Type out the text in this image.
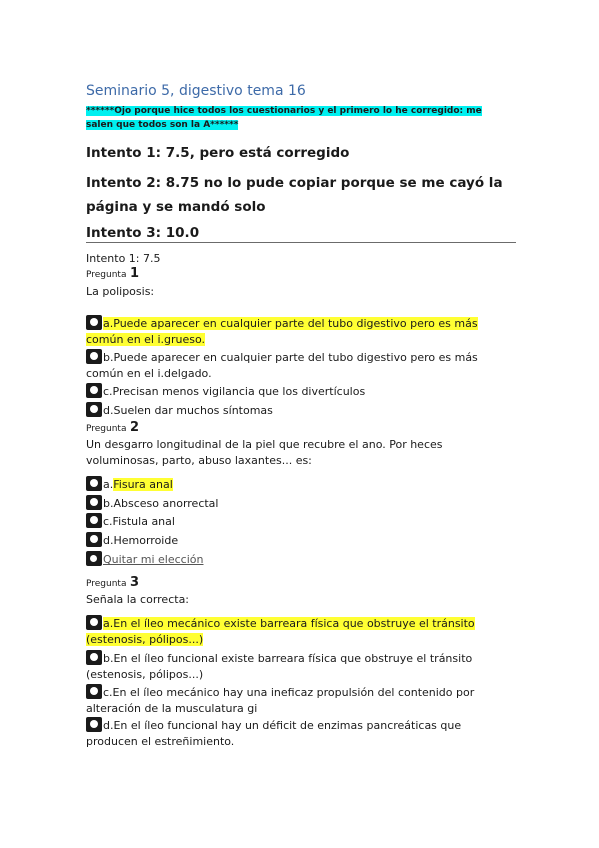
Seminario 5, digestivo tema 16
******Ojo porque hice todos los cuestionarios y el primero lo he corregido: me salen que todos son la A******
Intento 1: 7.5, pero está corregido
Intento 2: 8.75 no lo pude copiar porque se me cayó la página y se mandó solo
Intento 3: 10.0
Intento 1: 7.5
Pregunta 1
La poliposis:
a.Puede aparecer en cualquier parte del tubo digestivo pero es más común en el i.grueso.
b.Puede aparecer en cualquier parte del tubo digestivo pero es más común en el i.delgado.
c.Precisan menos vigilancia que los divertículos
d.Suelen dar muchos síntomas
Pregunta 2
Un desgarro longitudinal de la piel que recubre el ano. Por heces voluminosas, parto, abuso laxantes... es:
a.Fisura anal
b.Absceso anorrectal
c.Fistula anal
d.Hemorroide
Quitar mi elección
Pregunta 3
Señala la correcta:
a.En el íleo mecánico existe barreara física que obstruye el tránsito (estenosis, pólipos...)
b.En el íleo funcional existe barreara física que obstruye el tránsito (estenosis, pólipos...)
c.En el íleo mecánico hay una ineficaz propulsión del contenido por alteración de la musculatura gi
d.En el íleo funcional hay un déficit de enzimas pancreáticas que producen el estreñimiento.
